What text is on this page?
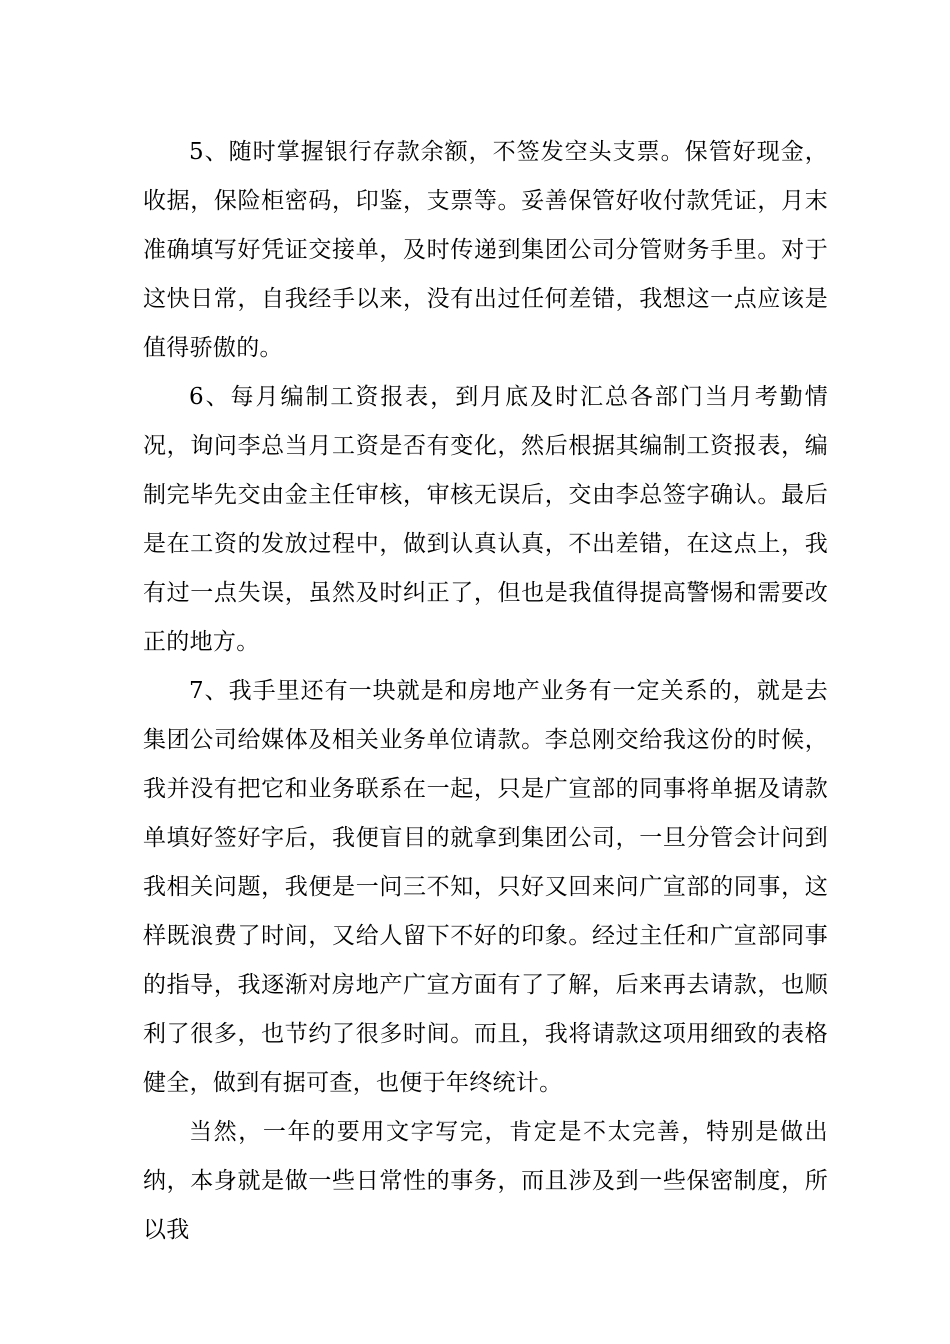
5、随时掌握银行存款余额，不签发空头支票。保管好现金，收据，保险柜密码，印鉴，支票等。妥善保管好收付款凭证，月末准确填写好凭证交接单，及时传递到集团公司分管财务手里。对于这快日常，自我经手以来，没有出过任何差错，我想这一点应该是值得骄傲的。

6、每月编制工资报表，到月底及时汇总各部门当月考勤情况，询问李总当月工资是否有变化，然后根据其编制工资报表，编制完毕先交由金主任审核，审核无误后，交由李总签字确认。最后是在工资的发放过程中，做到认真认真，不出差错，在这点上，我有过一点失误，虽然及时纠正了，但也是我值得提高警惕和需要改正的地方。

7、我手里还有一块就是和房地产业务有一定关系的，就是去集团公司给媒体及相关业务单位请款。李总刚交给我这份的时候，我并没有把它和业务联系在一起，只是广宣部的同事将单据及请款单填好签好字后，我便盲目的就拿到集团公司，一旦分管会计问到我相关问题，我便是一问三不知，只好又回来问广宣部的同事，这样既浪费了时间，又给人留下不好的印象。经过主任和广宣部同事的指导，我逐渐对房地产广宣方面有了了解，后来再去请款，也顺利了很多，也节约了很多时间。而且，我将请款这项用细致的表格健全，做到有据可查，也便于年终统计。

当然，一年的要用文字写完，肯定是不太完善，特别是做出纳，本身就是做一些日常性的事务，而且涉及到一些保密制度，所以我
